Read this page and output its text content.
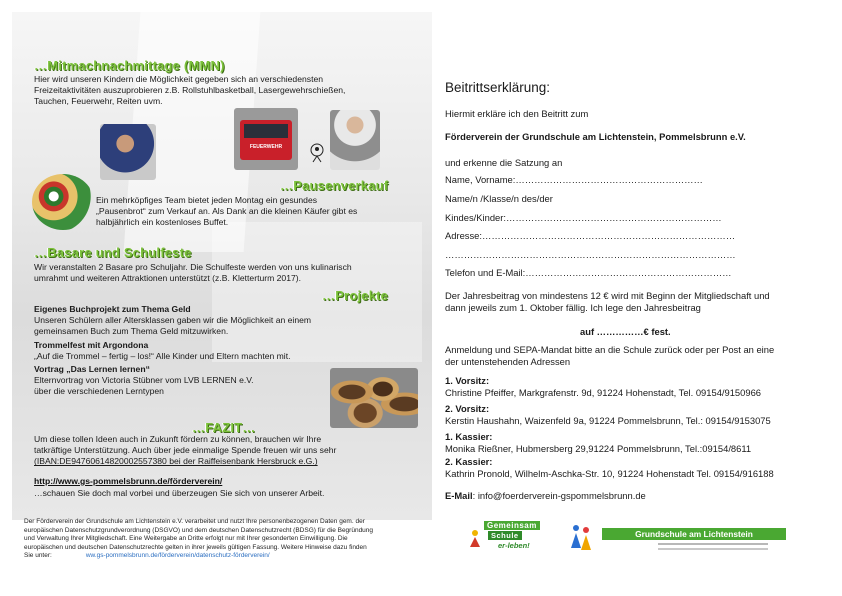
…Mitmachnachmittage (MMN)
Hier wird unseren Kindern die Möglichkeit gegeben sich an verschiedensten
Freizeitaktivitäten auszuprobieren z.B. Rollstuhlbasketball, Lasergewehrschießen,
Tauchen, Feuerwehr, Reiten uvm.
FEUERWEHR
…Pausenverkauf
Ein mehrköpfiges Team bietet jeden Montag ein gesundes
„Pausenbrot“ zum Verkauf an. Als Dank an die kleinen Käufer gibt es
halbjährlich ein kostenloses Buffet.
…Basare und Schulfeste
Wir veranstalten 2 Basare pro Schuljahr. Die Schulfeste werden von uns kulinarisch
umrahmt und weiteren Attraktionen unterstützt (z.B. Kletterturm 2017).
…Projekte
Eigenes Buchprojekt zum Thema Geld
Unseren Schülern aller Altersklassen gaben wir die Möglichkeit an einem
gemeinsamen Buch zum Thema Geld mitzuwirken.
Trommelfest mit Argondona
„Auf die Trommel – fertig – los!“ Alle Kinder und Eltern machten mit.
Vortrag „Das Lernen lernen“
Elternvortrag von Victoria Stübner vom LVB LERNEN e.V.
über die verschiedenen Lerntypen
…FAZIT…
Um diese tollen Ideen auch in Zukunft fördern zu können, brauchen wir Ihre
tatkräftige Unterstützung. Auch über jede einmalige Spende freuen wir uns sehr
(IBAN:DE94760614820002557380 bei der Raiffeisenbank Hersbruck e.G.)
http://www.gs-pommelsbrunn.de/förderverein/
…schauen Sie doch mal vorbei und überzeugen Sie sich von unserer Arbeit.
Der Förderverein der Grundschule am Lichtenstein e.V. verarbeitet und nutzt Ihre personenbezogenen Daten gem. der
europäischen Datenschutzgrundverordnung (DSGVO) und dem deutschen Datenschutzrecht (BDSG) für die Begründung
und Verwaltung Ihrer Mitgliedschaft. Eine Weitergabe an Dritte erfolgt nur mit Ihrer gesonderten Einwilligung. Die
europäischen und deutschen Datenschutzrechte gelten in ihrer jeweils gültigen Fassung. Weitere Hinweise dazu finden
Sie unter:	ww.gs-pommelsbrunn.de/förderverein/datenschutz-förderverein/
Beitrittserklärung:
Hiermit erkläre ich den Beitritt zum
Förderverein der Grundschule am Lichtenstein, Pommelsbrunn e.V.
und erkenne die Satzung an
Name, Vorname:……………………………………………………
Name/n /Klasse/n des/der
Kindes/Kinder:……………………………………………………………
Adresse:………………………………………………………………………
…………………………………………………………………………………
Telefon und E-Mail:…………………………………………………………
Der Jahresbeitrag von mindestens 12 € wird mit Beginn der Mitgliedschaft und
dann jeweils zum 1. Oktober fällig. Ich lege den Jahresbeitrag
auf ……………€ fest.
Anmeldung und SEPA-Mandat bitte an die Schule zurück oder per Post an eine
der untenstehenden Adressen
1. Vorsitz:
Christine Pfeiffer, Markgrafenstr. 9d, 91224 Hohenstadt, Tel. 09154/9150966
2. Vorsitz:
Kerstin Haushahn, Waizenfeld 9a, 91224 Pommelsbrunn, Tel.: 09154/9153075
1. Kassier:
Monika Rießner, Hubmersberg 29,91224 Pommelsbrunn, Tel.:09154/8611
2. Kassier:
Kathrin Pronold, Wilhelm-Aschka-Str. 10, 91224 Hohenstadt Tel. 09154/916188
E-Mail: info@foerderverein-gspommelsbrunn.de
Gemeinsam
Schule
er-leben!
Grundschule am Lichtenstein
